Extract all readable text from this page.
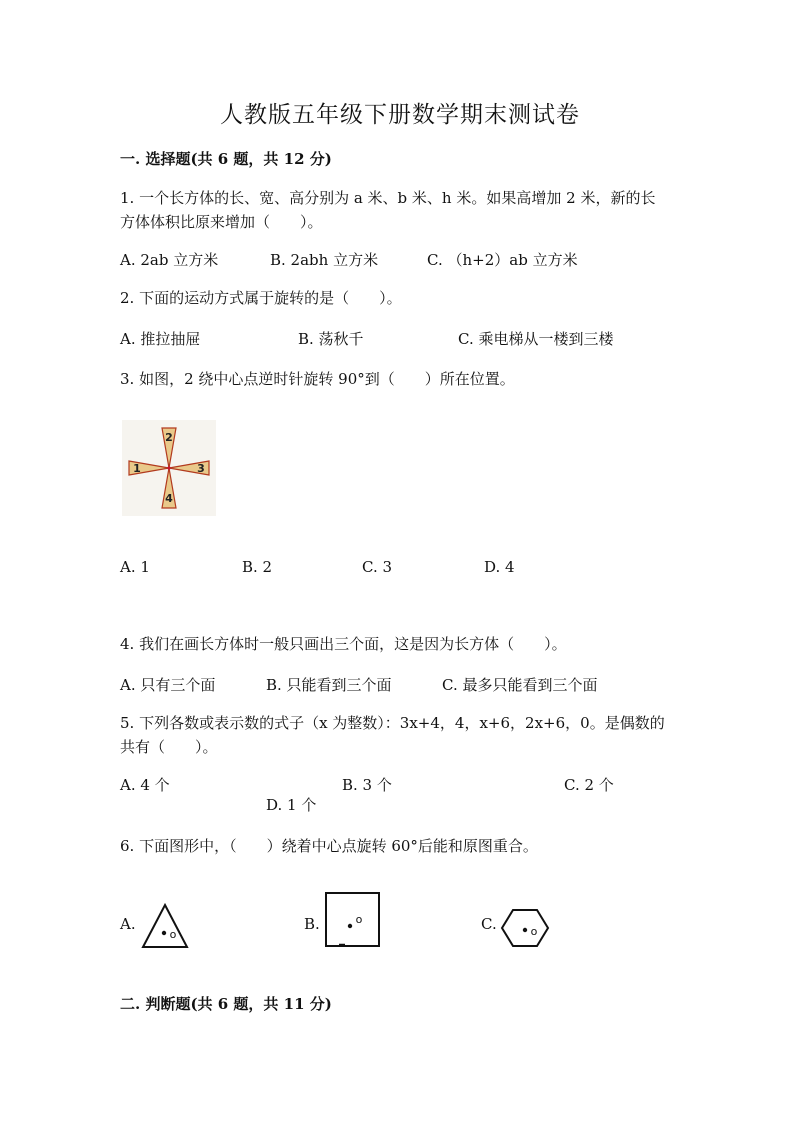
人教版五年级下册数学期末测试卷
一. 选择题(共 6 题，共 12 分)
1. 一个长方体的长、宽、高分别为 a 米、b 米、h 米。如果高增加 2 米，新的长
方体体积比原来增加（　　）。
A. 2ab 立方米	B. 2abh 立方米	C. （h+2）ab 立方米
2. 下面的运动方式属于旋转的是（　　）。
A. 推拉抽屉	B. 荡秋千	C. 乘电梯从一楼到三楼
3. 如图，2 绕中心点逆时针旋转 90°到（　　）所在位置。
2
1	3
4
A. 1	B. 2	C. 3	D. 4
4. 我们在画长方体时一般只画出三个面，这是因为长方体（　　）。
A. 只有三个面	B. 只能看到三个面	C. 最多只能看到三个面
5. 下列各数或表示数的式子（x 为整数）：3x+4，4，x+6，2x+6，0。是偶数的
共有（　　）。
A. 4 个	B. 3 个	C. 2 个
D. 1 个
6. 下面图形中，（　　）绕着中心点旋转 60°后能和原图重合。
A.
o
B.	o	C.	o
二. 判断题(共 6 题，共 11 分)
